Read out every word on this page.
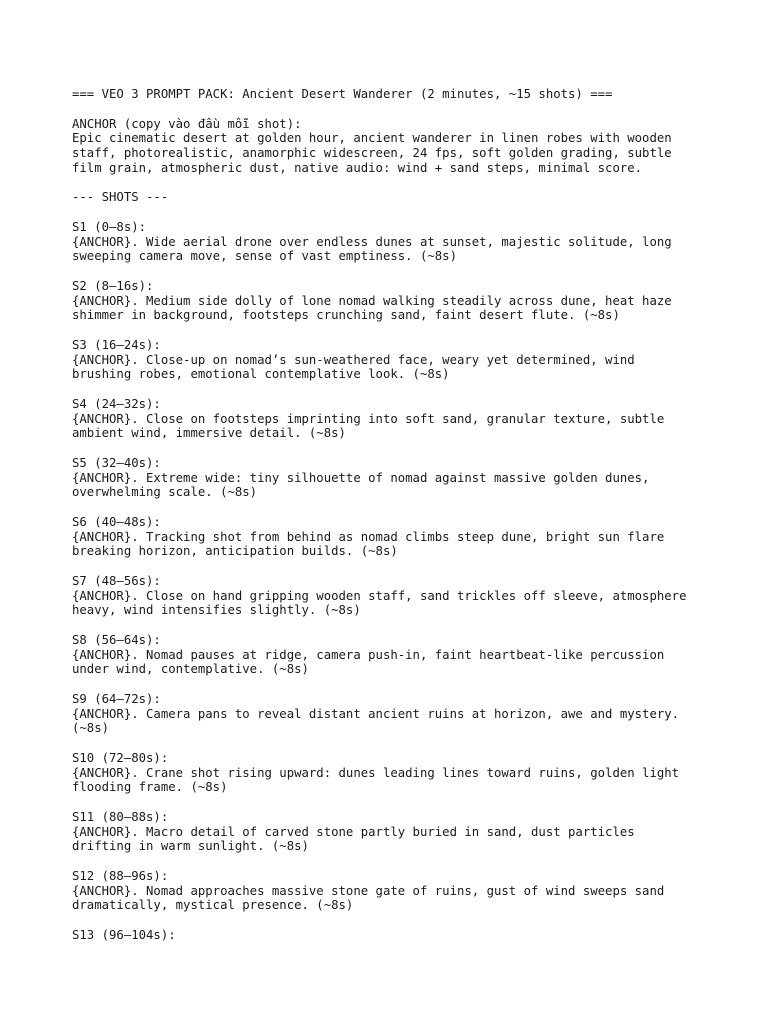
=== VEO 3 PROMPT PACK: Ancient Desert Wanderer (2 minutes, ~15 shots) ===
ANCHOR (copy vào đầu mỗi shot):
Epic cinematic desert at golden hour, ancient wanderer in linen robes with wooden staff, photorealistic, anamorphic widescreen, 24 fps, soft golden grading, subtle film grain, atmospheric dust, native audio: wind + sand steps, minimal score.
--- SHOTS ---
S1 (0–8s):
{ANCHOR}. Wide aerial drone over endless dunes at sunset, majestic solitude, long sweeping camera move, sense of vast emptiness. (~8s)
S2 (8–16s):
{ANCHOR}. Medium side dolly of lone nomad walking steadily across dune, heat haze shimmer in background, footsteps crunching sand, faint desert flute. (~8s)
S3 (16–24s):
{ANCHOR}. Close-up on nomad’s sun-weathered face, weary yet determined, wind brushing robes, emotional contemplative look. (~8s)
S4 (24–32s):
{ANCHOR}. Close on footsteps imprinting into soft sand, granular texture, subtle ambient wind, immersive detail. (~8s)
S5 (32–40s):
{ANCHOR}. Extreme wide: tiny silhouette of nomad against massive golden dunes, overwhelming scale. (~8s)
S6 (40–48s):
{ANCHOR}. Tracking shot from behind as nomad climbs steep dune, bright sun flare breaking horizon, anticipation builds. (~8s)
S7 (48–56s):
{ANCHOR}. Close on hand gripping wooden staff, sand trickles off sleeve, atmosphere heavy, wind intensifies slightly. (~8s)
S8 (56–64s):
{ANCHOR}. Nomad pauses at ridge, camera push-in, faint heartbeat-like percussion under wind, contemplative. (~8s)
S9 (64–72s):
{ANCHOR}. Camera pans to reveal distant ancient ruins at horizon, awe and mystery. (~8s)
S10 (72–80s):
{ANCHOR}. Crane shot rising upward: dunes leading lines toward ruins, golden light flooding frame. (~8s)
S11 (80–88s):
{ANCHOR}. Macro detail of carved stone partly buried in sand, dust particles drifting in warm sunlight. (~8s)
S12 (88–96s):
{ANCHOR}. Nomad approaches massive stone gate of ruins, gust of wind sweeps sand dramatically, mystical presence. (~8s)
S13 (96–104s):
